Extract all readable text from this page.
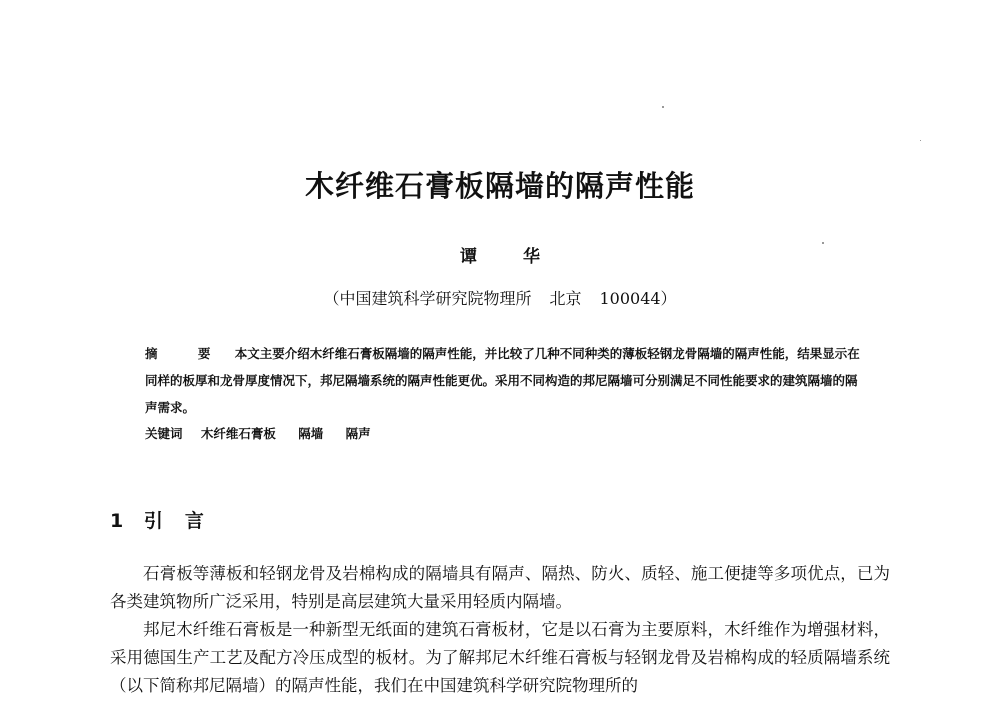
木纤维石膏板隔墙的隔声性能
谭 华
（中国建筑科学研究院物理所 北京 100044）
摘 要 本文主要介绍木纤维石膏板隔墙的隔声性能，并比较了几种不同种类的薄板轻钢龙骨隔墙的隔声性能，结果显示在同样的板厚和龙骨厚度情况下，邦尼隔墙系统的隔声性能更优。采用不同构造的邦尼隔墙可分别满足不同性能要求的建筑隔墙的隔声需求。
关键词 木纤维石膏板 隔墙 隔声
1 引言

石膏板等薄板和轻钢龙骨及岩棉构成的隔墙具有隔声、隔热、防火、质轻、施工便捷等多项优点，已为各类建筑物所广泛采用，特别是高层建筑大量采用轻质内隔墙。

邦尼木纤维石膏板是一种新型无纸面的建筑石膏板材，它是以石膏为主要原料，木纤维作为增强材料，采用德国生产工艺及配方冷压成型的板材。为了解邦尼木纤维石膏板与轻钢龙骨及岩棉构成的轻质隔墙系统（以下简称邦尼隔墙）的隔声性能，我们在中国建筑科学研究院物理所的
